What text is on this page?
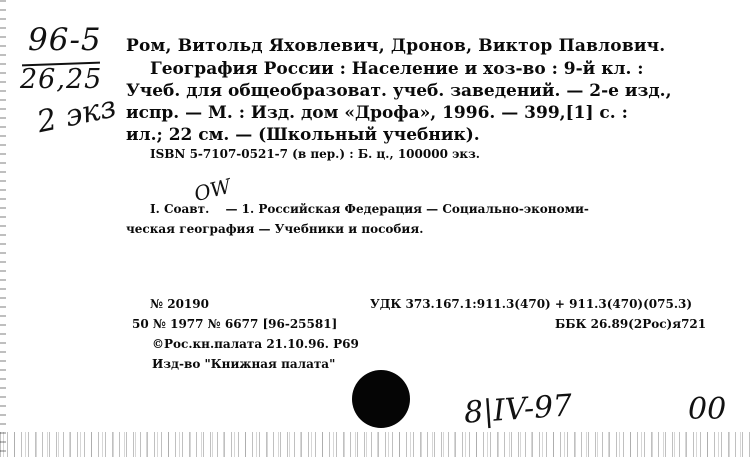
96-5
26,25
2 экз
Ром, Витольд Яховлевич, Дронов, Виктор Павлович.
География России : Население и хоз-во : 9-й кл. :
Учеб. для общеобразоват. учеб. заведений. — 2-е изд.,
испр. — М. : Изд. дом «Дрофа», 1996. — 399,[1] с. :
ил.; 22 см. — (Школьный учебник).
ISBN 5-7107-0521-7 (в пер.) : Б. ц., 100000 экз.
OW
I. Соавт. — 1. Российская Федерация — Социально-экономи-
ческая география — Учебники и пособия.
№ 20190	УДК 373.167.1:911.3(470) + 911.3(470)(075.3)
50 № 1977 № 6677 [96-25581]	ББК 26.89(2Рос)я721
©Рос.кн.палата 21.10.96. Р69
Изд-во "Книжная палата"
8|IV-97	00
